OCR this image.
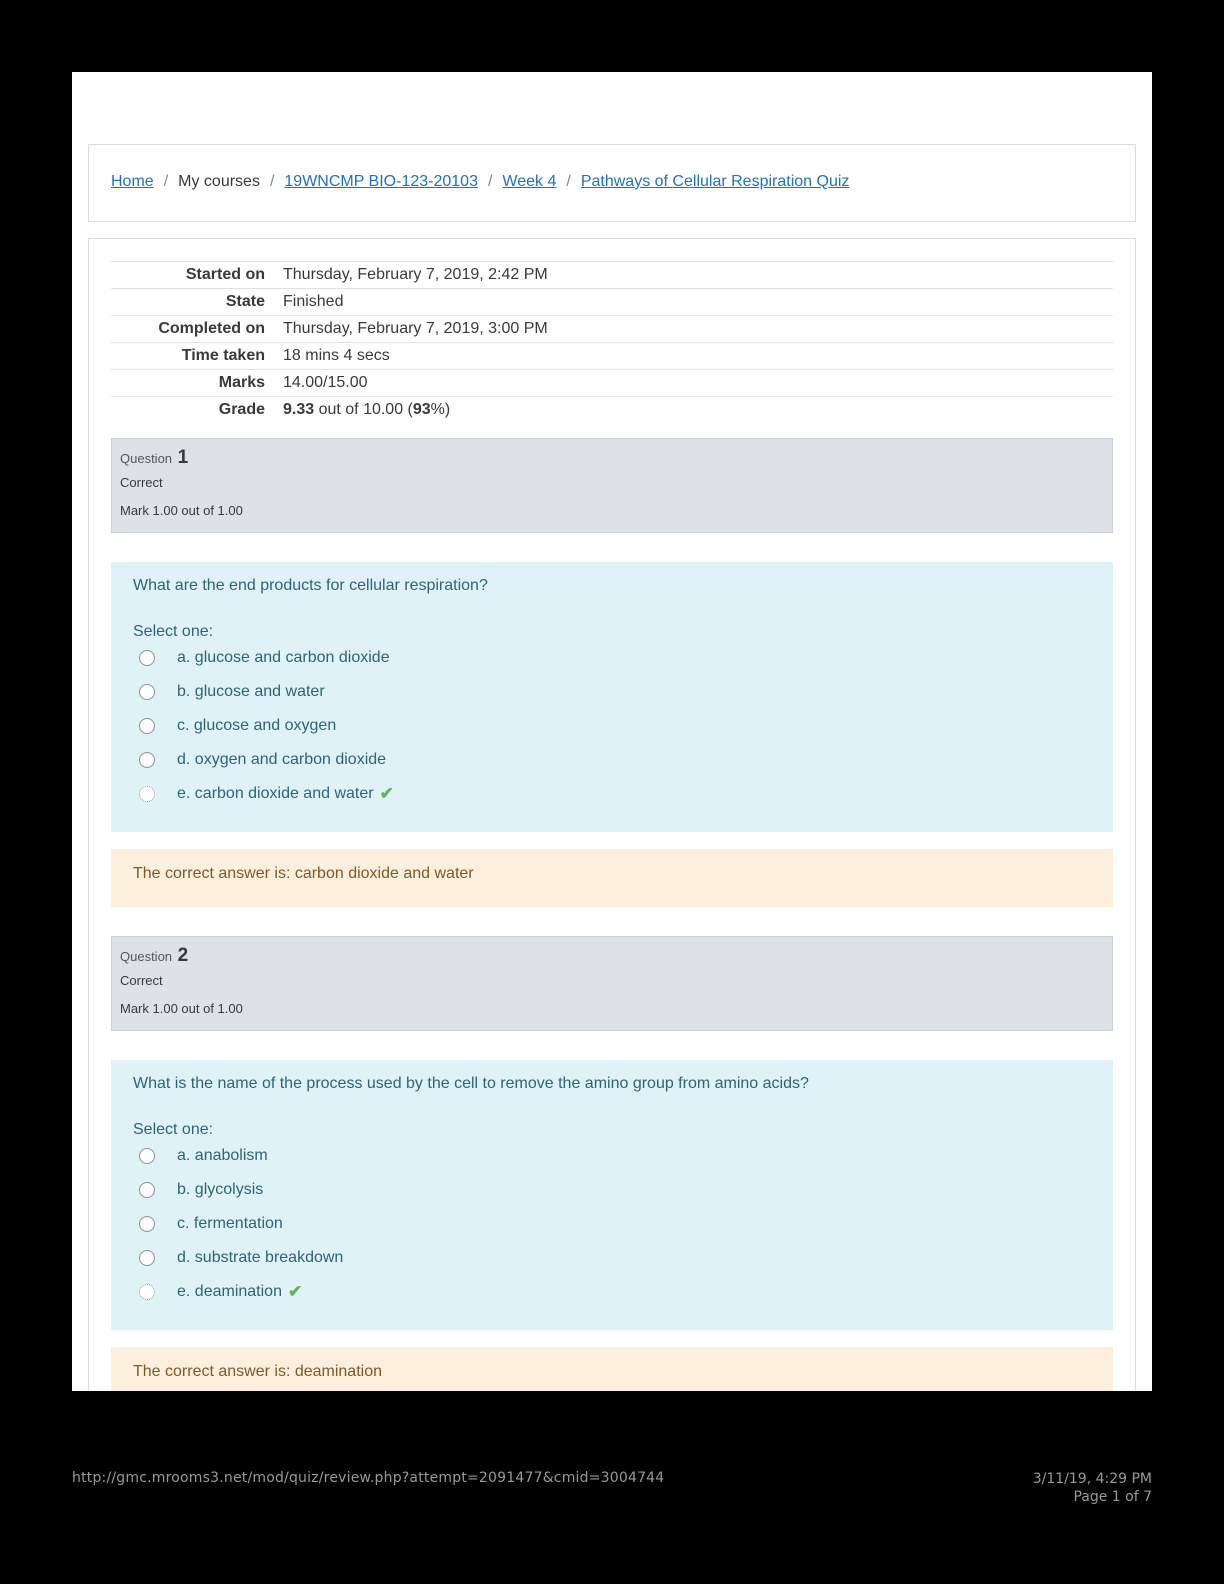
Home / My courses / 19WNCMP BIO-123-20103 / Week 4 / Pathways of Cellular Respiration Quiz
Started on	Thursday, February 7, 2019, 2:42 PM
State	Finished
Completed on	Thursday, February 7, 2019, 3:00 PM
Time taken	18 mins 4 secs
Marks	14.00/15.00
Grade	9.33 out of 10.00 (93%)
Question 1
Correct
Mark 1.00 out of 1.00
What are the end products for cellular respiration?
Select one:
a. glucose and carbon dioxide
b. glucose and water
c. glucose and oxygen
d. oxygen and carbon dioxide
e. carbon dioxide and water ✔
The correct answer is: carbon dioxide and water
Question 2
Correct
Mark 1.00 out of 1.00
What is the name of the process used by the cell to remove the amino group from amino acids?
Select one:
a. anabolism
b. glycolysis
c. fermentation
d. substrate breakdown
e. deamination ✔
The correct answer is: deamination
http://gmc.mrooms3.net/mod/quiz/review.php?attempt=2091477&cmid=3004744	3/11/19, 4:29 PM
Page 1 of 7
